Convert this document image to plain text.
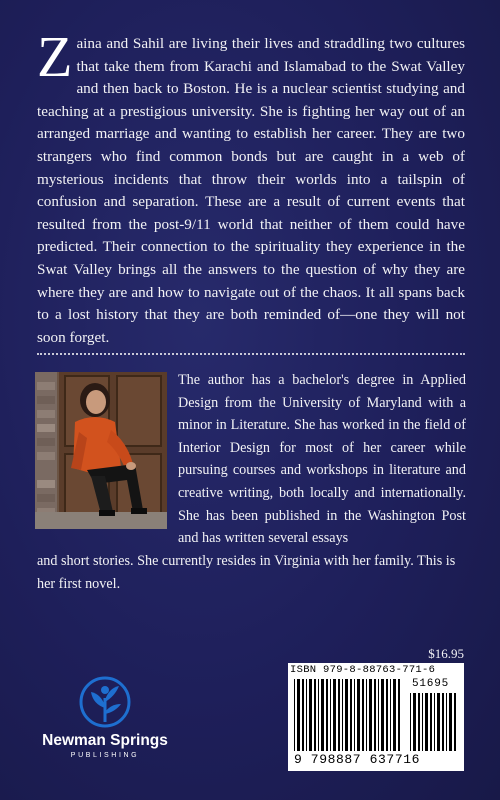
Zaina and Sahil are living their lives and straddling two cultures that take them from Karachi and Islamabad to the Swat Valley and then back to Boston. He is a nuclear scientist studying and teaching at a prestigious university. She is fighting her way out of an arranged marriage and wanting to establish her career. They are two strangers who find common bonds but are caught in a web of mysterious incidents that throw their worlds into a tailspin of confusion and separation. These are a result of current events that resulted from the post-9/11 world that neither of them could have predicted. Their connection to the spirituality they experience in the Swat Valley brings all the answers to the question of why they are where they are and how to navigate out of the chaos. It all spans back to a lost history that they are both reminded of—one they will not soon forget.

The author has a bachelor's degree in Applied Design from the University of Maryland with a minor in Literature. She has worked in the field of Interior Design for most of her career while pursuing courses and workshops in literature and creative writing, both locally and internationally. She has been published in the Washington Post and has written several essays

and short stories. She currently resides in Virginia with her family. This is her first novel.

$16.95
ISBN 979-8-88763-771-6
51695
9 798887 637716
Newman Springs
PUBLISHING
